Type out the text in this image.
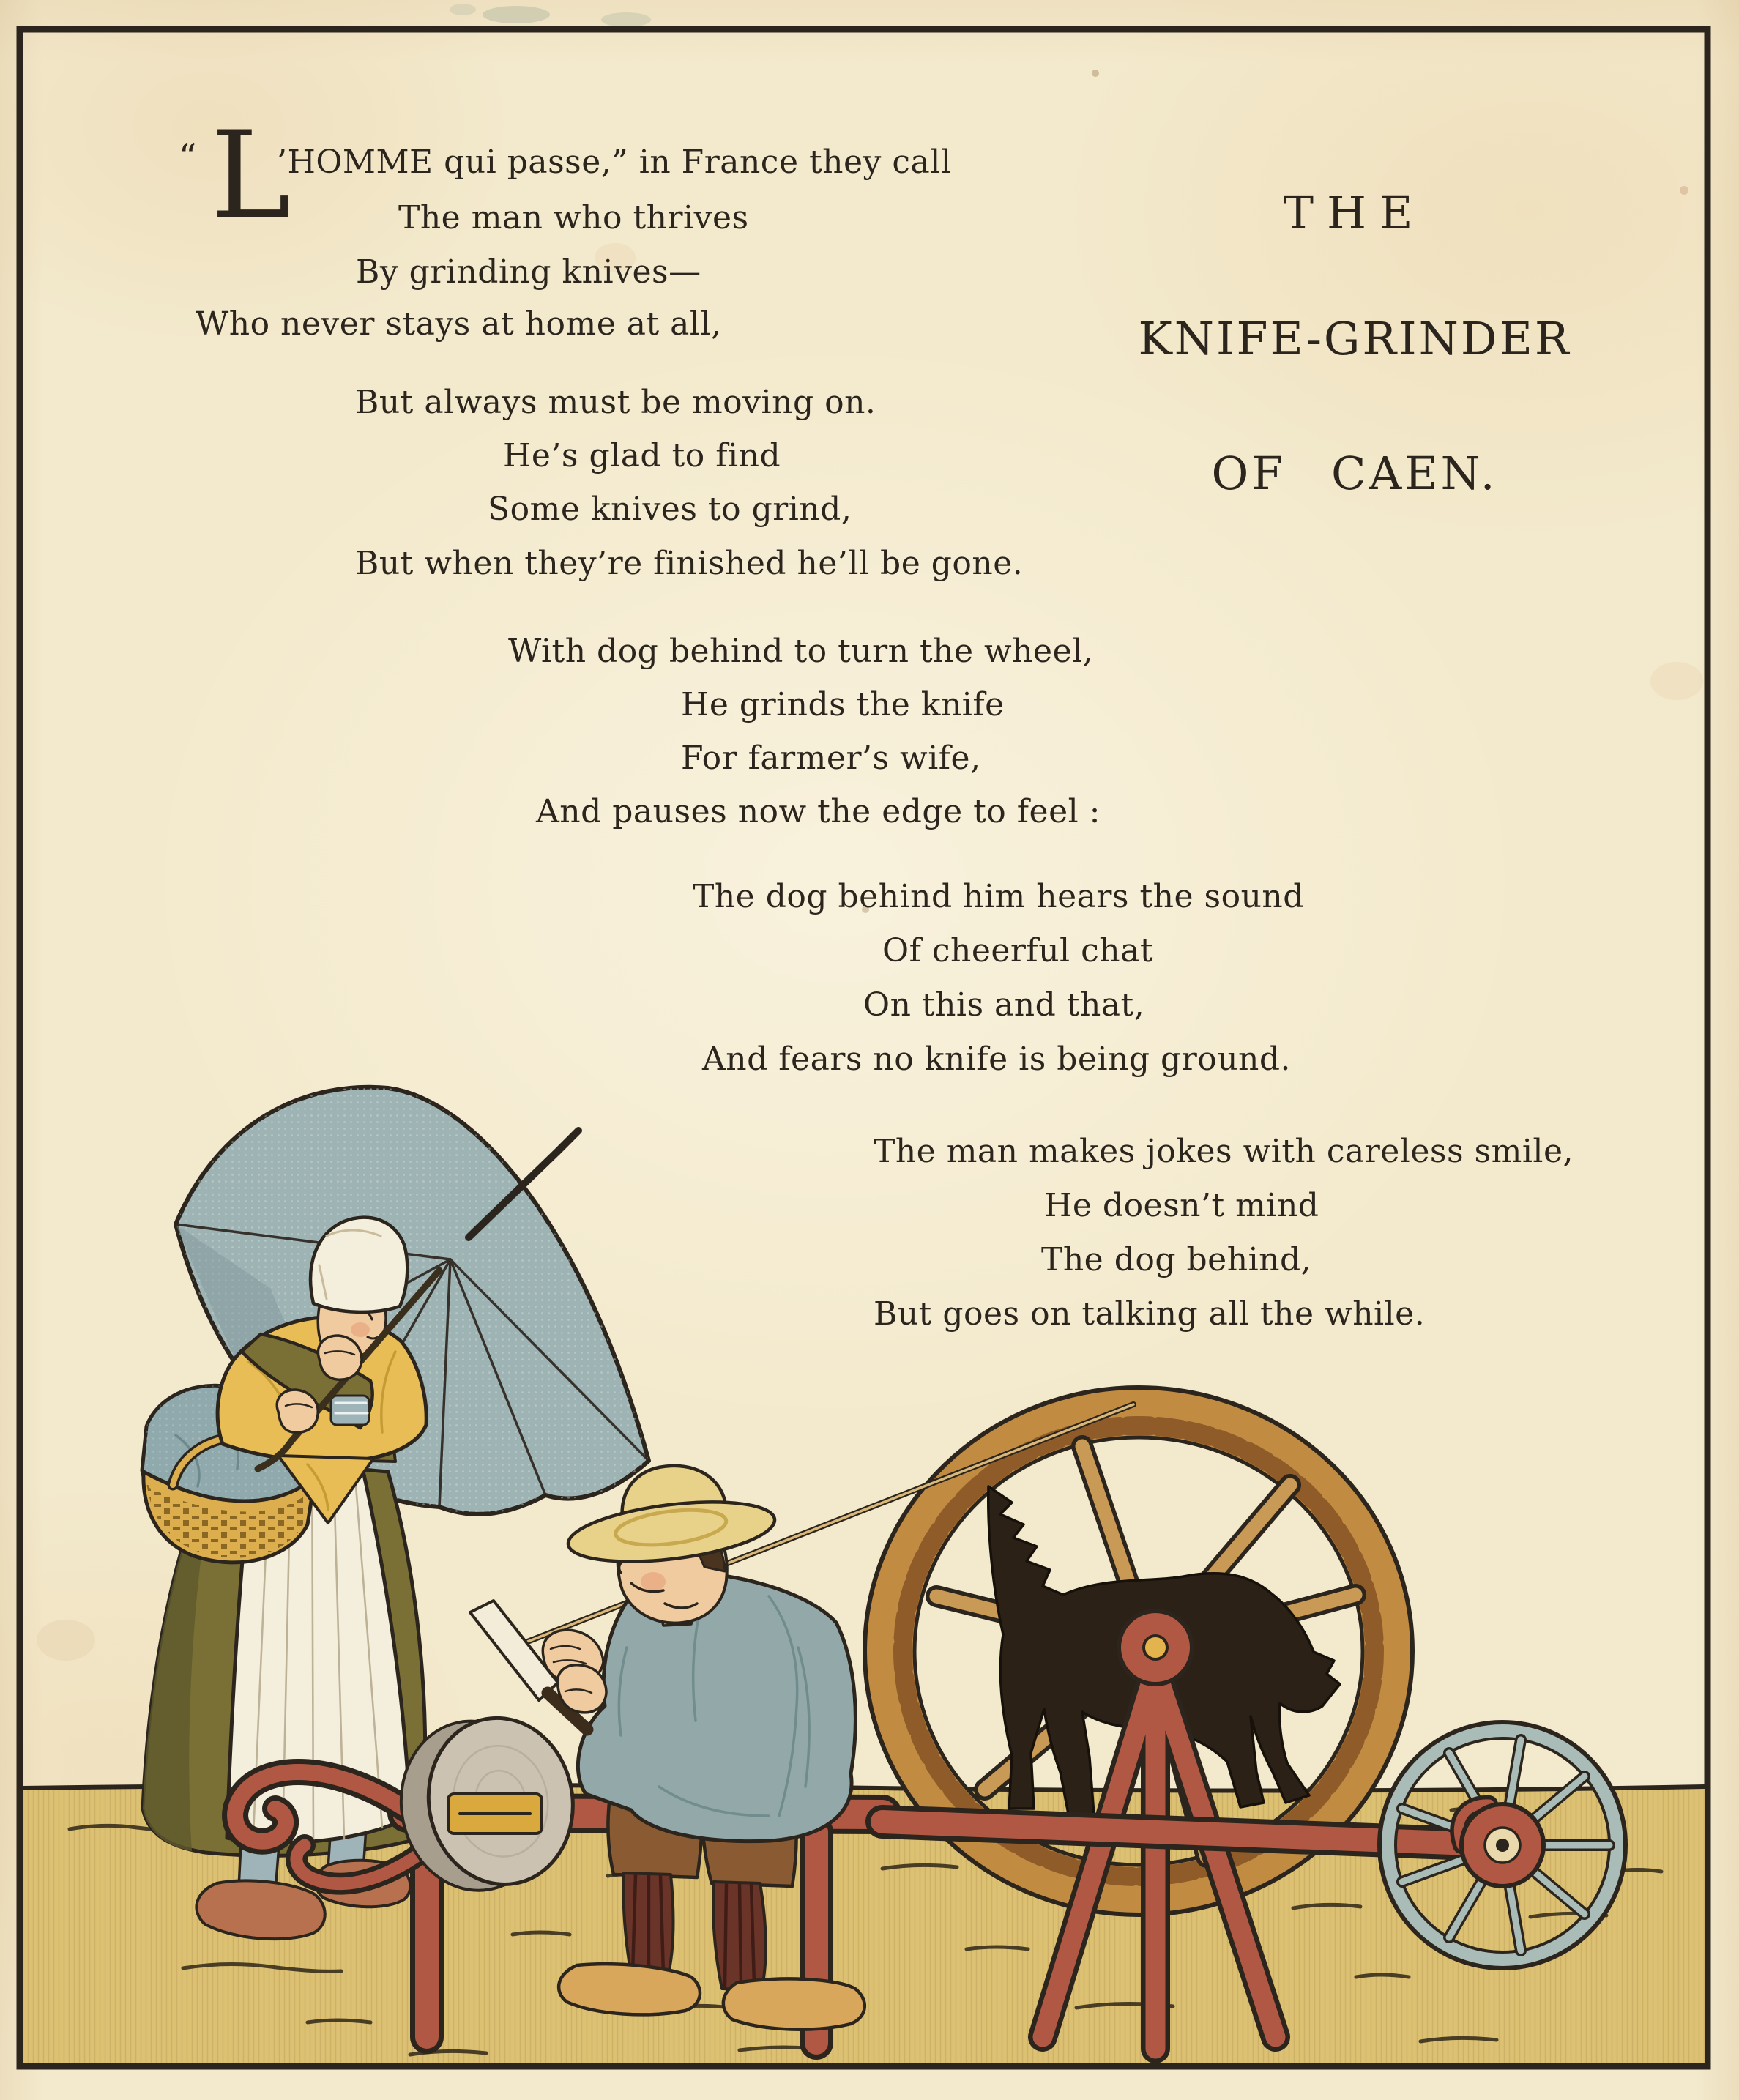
THE
KNIFE-GRINDER
OF CAEN.
“ L
’HOMME qui passe,” in France they call
The man who thrives
By grinding knives—
Who never stays at home at all,
But always must be moving on.
He’s glad to find
Some knives to grind,
But when they’re finished he’ll be gone.
With dog behind to turn the wheel,
He grinds the knife
For farmer’s wife,
And pauses now the edge to feel :
The dog behind him hears the sound
Of cheerful chat
On this and that,
And fears no knife is being ground.
The man makes jokes with careless smile,
He doesn’t mind
The dog behind,
But goes on talking all the while.
